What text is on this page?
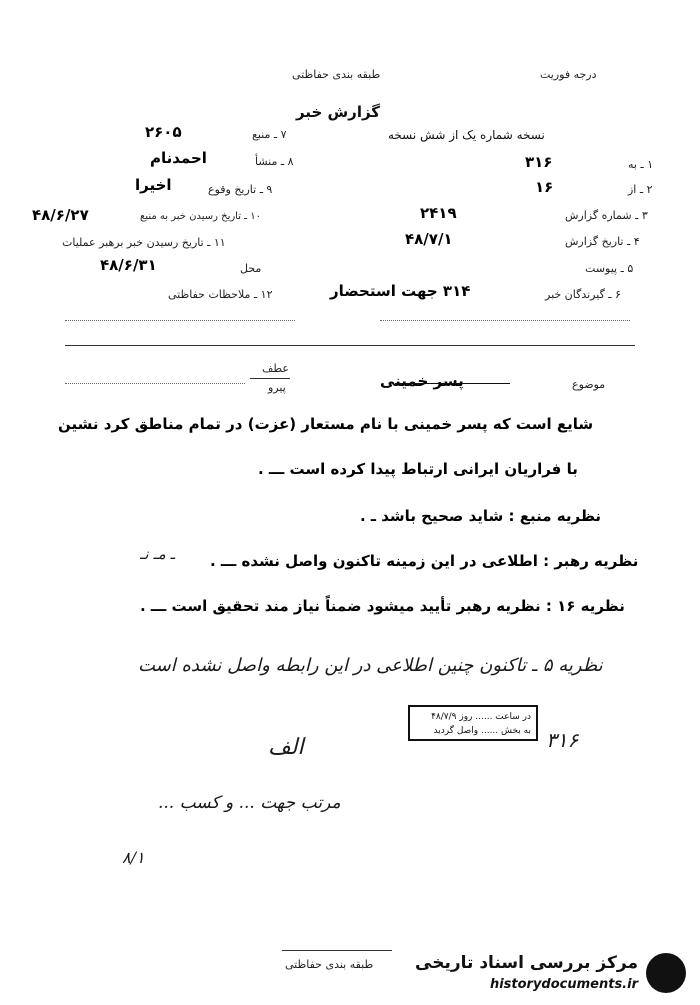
درجه فوریت
طبقه بندی حفاظتی
گزارش خبر
نسخه شماره یک از شش نسخه
۱ ـ به
۳۱۶
۲ ـ از
۱۶
۳ ـ شماره گزارش
۲۴۱۹
۴ ـ تاریخ گزارش
۴۸/۷/۱
۵ ـ پیوست
۶ ـ گیرندگان خبر
۳۱۴ جهت استحضار
۷ ـ منبع
۲۶۰۵
۸ ـ منشأ
احمدنام
۹ ـ تاریخ وقوع
اخیرا
۱۰ ـ تاریخ رسیدن خبر به منبع
۴۸/۶/۲۷
۱۱ ـ تاریخ رسیدن خبر برهبر عملیات
محل
۴۸/۶/۳۱
۱۲ ـ ملاحظات حفاظتی
عطف
پیرو	موضوع
پسر خمینی
شایع است که پسر خمینی با نام مستعار (عزت) در تمام مناطق کرد نشین
با فراریان ایرانی ارتباط پیدا کرده است ـــ .
نظریه منبع : شاید صحیح باشد ـ .
نظریه رهبر : اطلاعی در این زمینه تاکنون واصل نشده ـــ .
ـ مـ نـ
نظریه ۱۶ : نظریه رهبر تأیید میشود ضمناً نیاز مند تحقیق است ـــ .
نظریه ۵ ـ تاکنون چنین اطلاعی در این رابطه واصل نشده است
در ساعت ...... روز ۴۸/۷/۹
به بخش ...... واصل گردید ۳۱۶
الف
مرتب جهت ... و کسب ...
۸/۱
طبقه بندی حفاظتی مرکز بررسی اسناد تاریخی
historydocuments.ir
